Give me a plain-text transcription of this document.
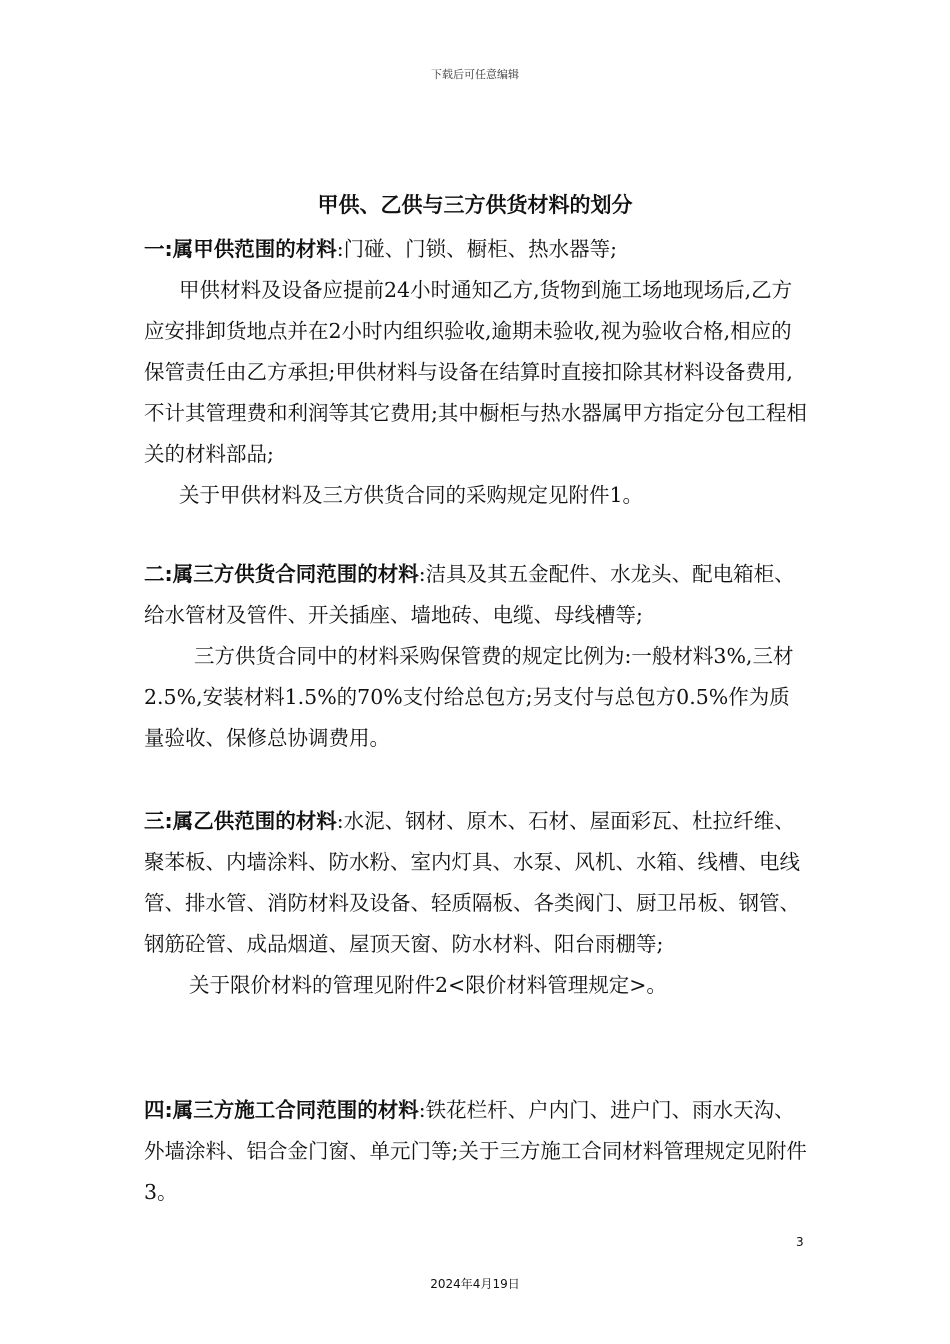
下载后可任意编辑
甲供、乙供与三方供货材料的划分

一:属甲供范围的材料:门碰、门锁、橱柜、热水器等;

甲供材料及设备应提前24小时通知乙方,货物到施工场地现场后,乙方应安排卸货地点并在2小时内组织验收,逾期未验收,视为验收合格,相应的保管责任由乙方承担;甲供材料与设备在结算时直接扣除其材料设备费用,不计其管理费和利润等其它费用;其中橱柜与热水器属甲方指定分包工程相关的材料部品;

关于甲供材料及三方供货合同的采购规定见附件1。

二:属三方供货合同范围的材料:洁具及其五金配件、水龙头、配电箱柜、给水管材及管件、开关插座、墙地砖、电缆、母线槽等;

三方供货合同中的材料采购保管费的规定比例为:一般材料3%,三材2.5%,安装材料1.5%的70%支付给总包方;另支付与总包方0.5%作为质量验收、保修总协调费用。

三:属乙供范围的材料:水泥、钢材、原木、石材、屋面彩瓦、杜拉纤维、聚苯板、内墙涂料、防水粉、室内灯具、水泵、风机、水箱、线槽、电线管、排水管、消防材料及设备、轻质隔板、各类阀门、厨卫吊板、钢管、钢筋砼管、成品烟道、屋顶天窗、防水材料、阳台雨棚等;

关于限价材料的管理见附件2<限价材料管理规定>。

四:属三方施工合同范围的材料:铁花栏杆、户内门、进户门、雨水天沟、外墙涂料、铝合金门窗、单元门等;关于三方施工合同材料管理规定见附件3。

3
2024年4月19日
